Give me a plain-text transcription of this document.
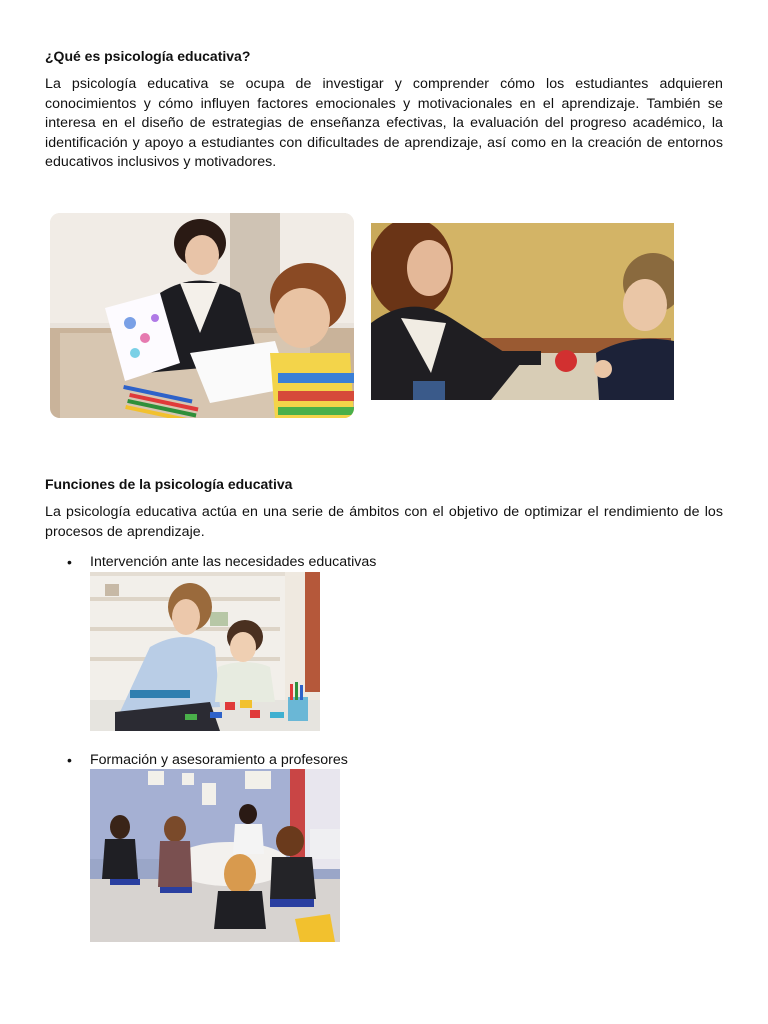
¿Qué es psicología educativa?

La psicología educativa se ocupa de investigar y comprender cómo los estudiantes adquieren conocimientos y cómo influyen factores emocionales y motivacionales en el aprendizaje. También se interesa en el diseño de estrategias de enseñanza efectivas, la evaluación del progreso académico, la identificación y apoyo a estudiantes con dificultades de aprendizaje, así como en la creación de entornos educativos inclusivos y motivadores.

Funciones de la psicología educativa

La psicología educativa actúa en una serie de ámbitos con el objetivo de optimizar el rendimiento de los procesos de aprendizaje.

• Intervención ante las necesidades educativas
• Formación y asesoramiento a profesores
